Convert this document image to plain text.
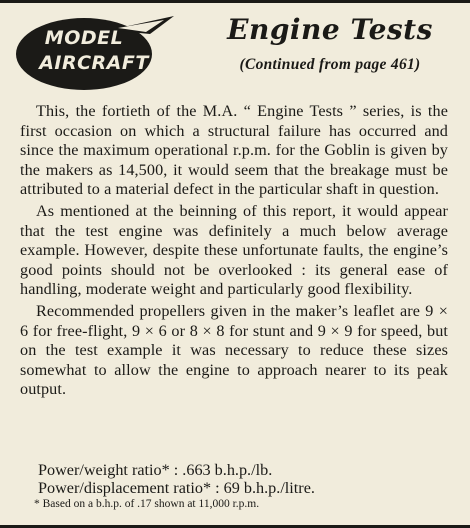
MODEL
AIRCRAFT
Engine Tests
(Continued from page 461)

This, the fortieth of the M.A. “ Engine Tests ” series, is the first occasion on which a structural failure has occurred and since the maximum operational r.p.m. for the Goblin is given by the makers as 14,500, it would seem that the breakage must be attributed to a material defect in the particular shaft in question.

As mentioned at the beinning of this report, it would appear that the test engine was definitely a much below average example. However, despite these unfortunate faults, the engine’s good points should not be overlooked : its general ease of handling, moderate weight and particularly good flexibility.

Recommended propellers given in the maker’s leaflet are 9 × 6 for free-flight, 9 × 6 or 8 × 8 for stunt and 9 × 9 for speed, but on the test example it was necessary to reduce these sizes somewhat to allow the engine to approach nearer to its peak output.

Power/weight ratio* : .663 b.h.p./lb.
Power/displacement ratio* : 69 b.h.p./litre.
* Based on a b.h.p. of .17 shown at 11,000 r.p.m.
